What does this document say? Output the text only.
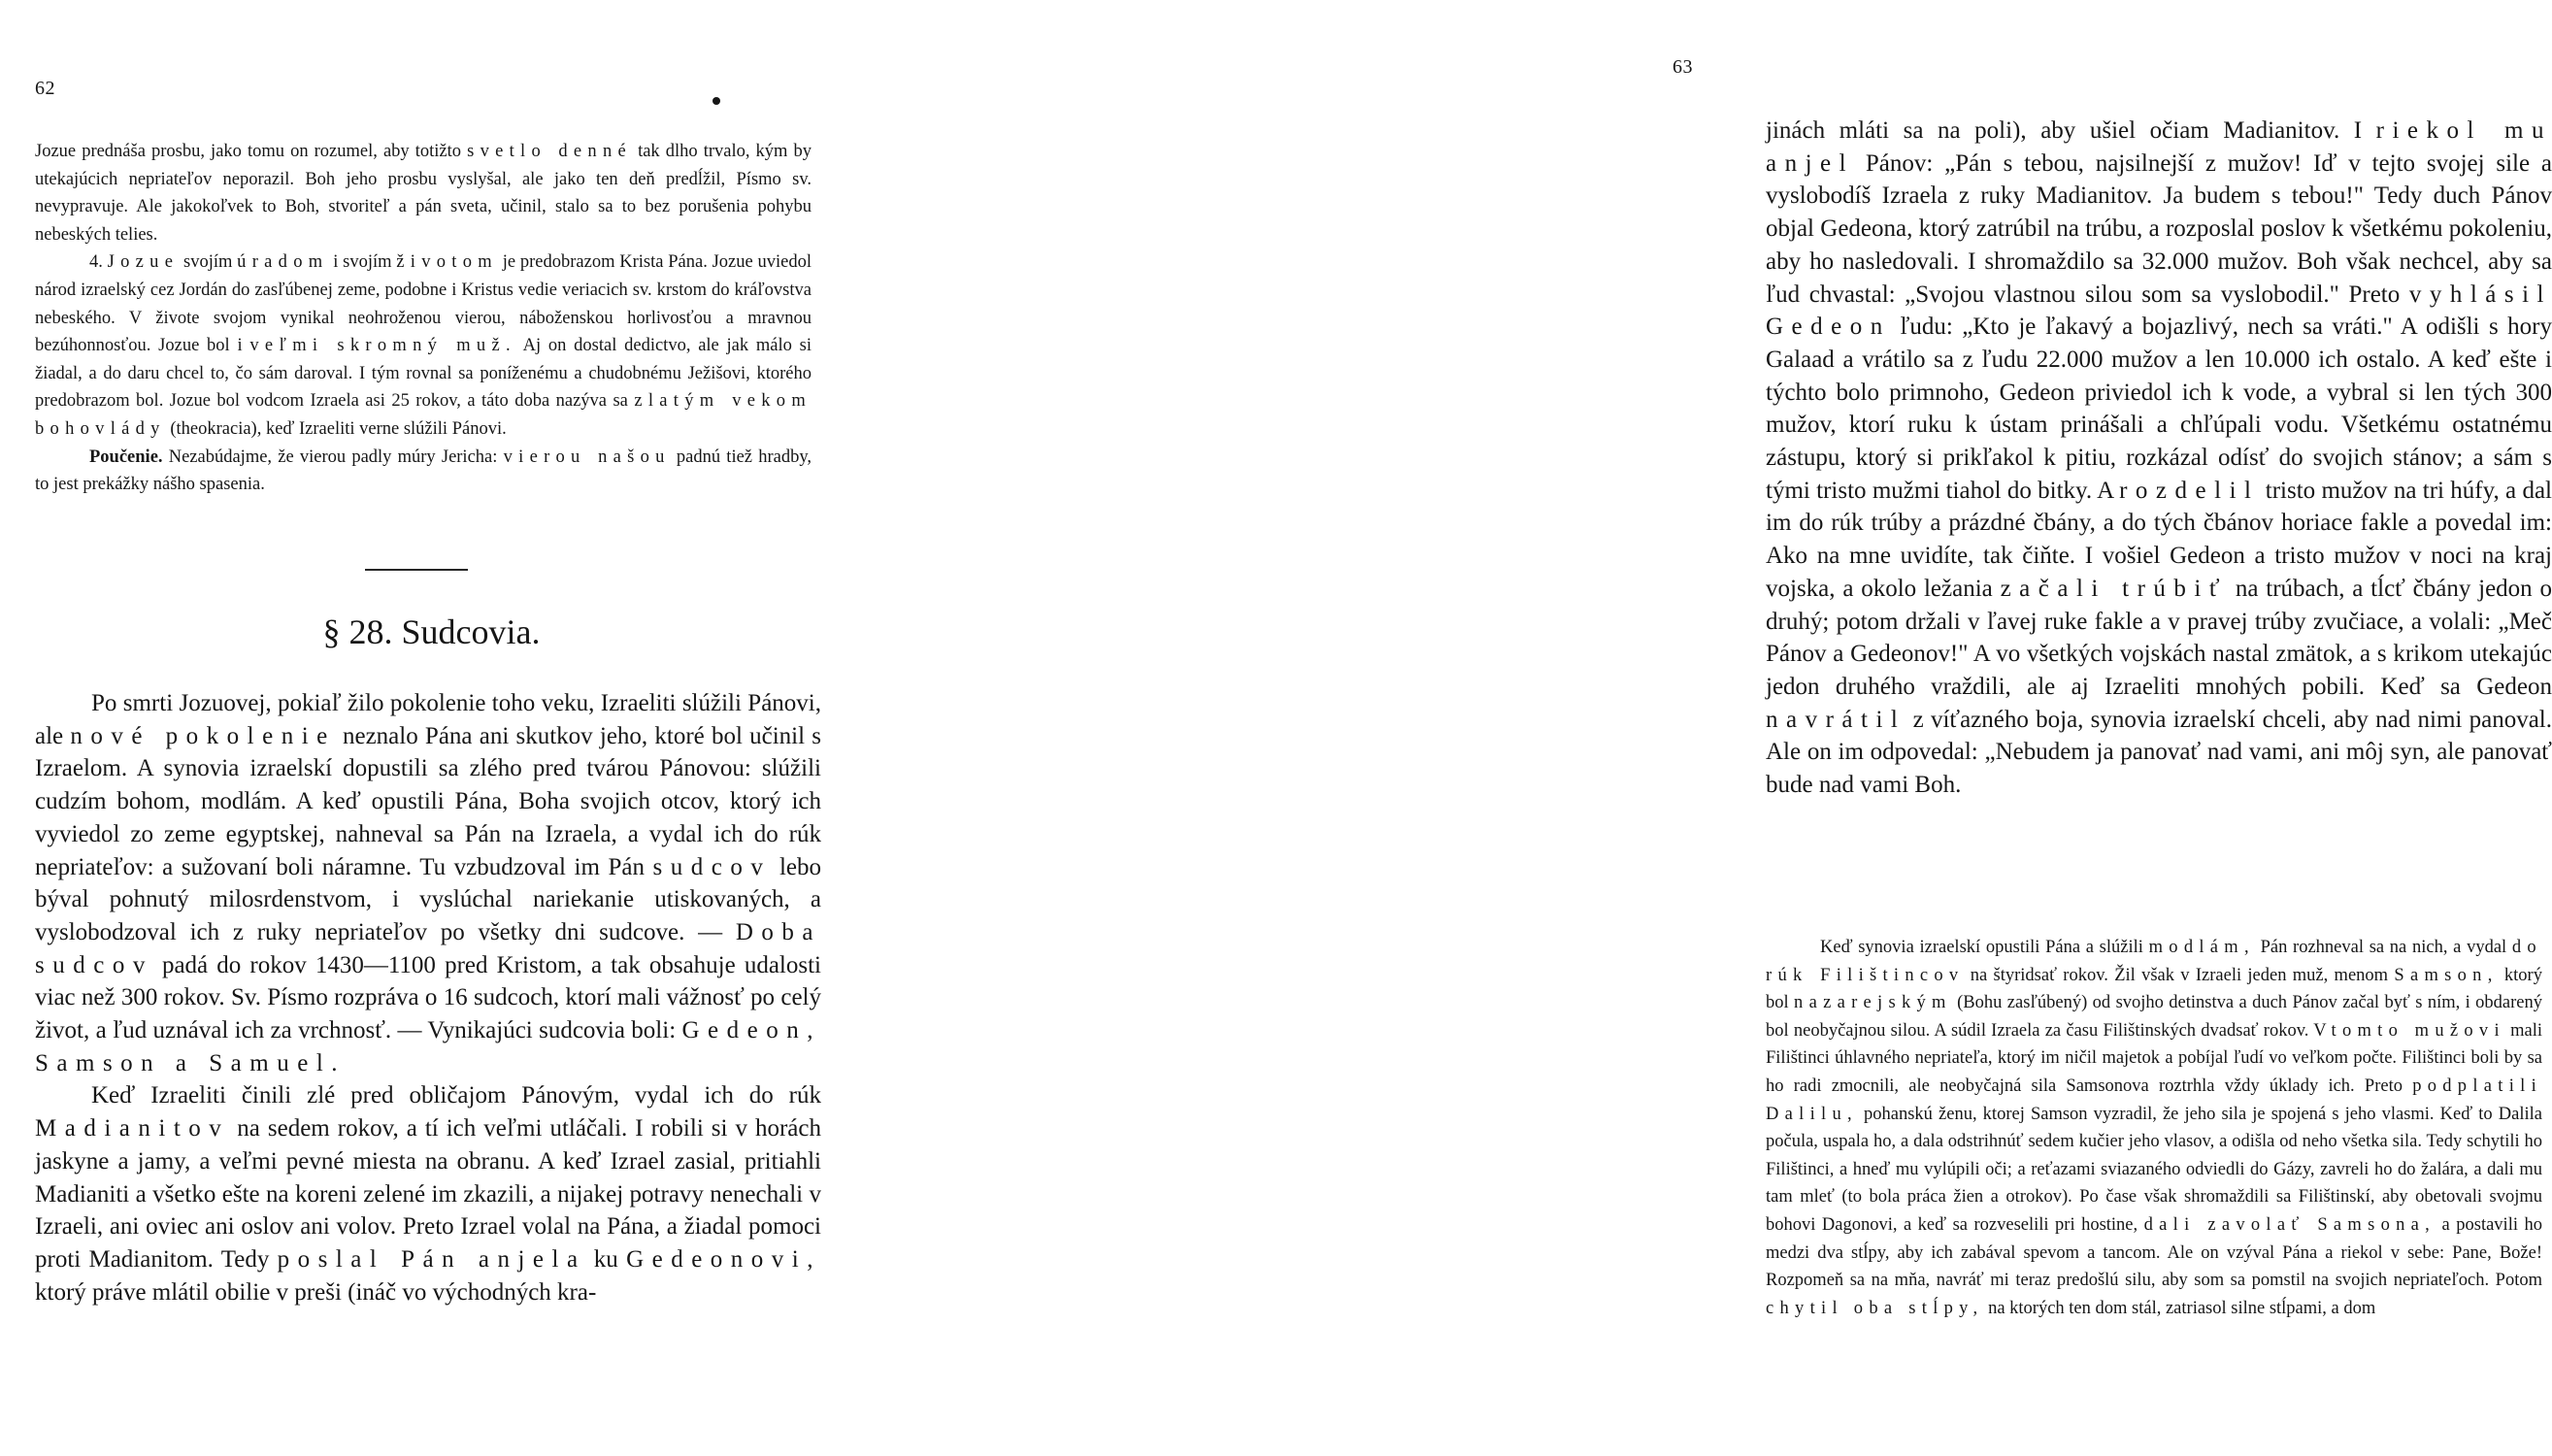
62

Jozue prednáša prosbu, jako tomu on rozumel, aby totižto svetlo denné tak dlho trvalo, kým by utekajúcich nepriateľov neporazil. Boh jeho prosbu vyslyšal, ale jako ten deň predĺžil, Písmo sv. nevypravuje. Ale jakokoľvek to Boh, stvoriteľ a pán sveta, učinil, stalo sa to bez porušenia pohybu nebeských telies.

4. Jozue svojím úradom i svojím životom je predobrazom Krista Pána. Jozue uviedol národ izraelský cez Jordán do zasľúbenej zeme, podobne i Kristus vedie veriacich sv. krstom do kráľovstva nebeského. V živote svojom vynikal neohroženou vierou, náboženskou horlivosťou a mravnou bezúhonnosťou. Jozue bol i veľmi skromný muž. Aj on dostal dedictvo, ale jak málo si žiadal, a do daru chcel to, čo sám daroval. I tým rovnal sa poníženému a chudobnému Ježišovi, ktorého predobrazom bol. Jozue bol vodcom Izraela asi 25 rokov, a táto doba nazýva sa zlatým vekom bohovlády (theokracia), keď Izraeliti verne slúžili Pánovi.

Poučenie. Nezabúdajme, že vierou padly múry Jericha: vierou našou padnú tiež hradby, to jest prekážky nášho spasenia.

§ 28. Sudcovia.

Po smrti Jozuovej, pokiaľ žilo pokolenie toho veku, Izraeliti slúžili Pánovi, ale nové pokolenie neznalo Pána ani skutkov jeho, ktoré bol učinil s Izraelom. A synovia izraelskí dopustili sa zlého pred tvárou Pánovou: slúžili cudzím bohom, modlám. A keď opustili Pána, Boha svojich otcov, ktorý ich vyviedol zo zeme egyptskej, nahneval sa Pán na Izraela, a vydal ich do rúk nepriateľov: a sužovaní boli náramne. Tu vzbudzoval im Pán sudcov lebo býval pohnutý milosrdenstvom, i vyslúchal nariekanie utiskovaných, a vyslobodzoval ich z ruky nepriateľov po všetky dni sudcove. — Doba sudcov padá do rokov 1430—1100 pred Kristom, a tak obsahuje udalosti viac než 300 rokov. Sv. Písmo rozpráva o 16 sudcoch, ktorí mali vážnosť po celý život, a ľud uznával ich za vrchnosť. — Vynikajúci sudcovia boli: Gedeon, Samson a Samuel.

Keď Izraeliti činili zlé pred obličajom Pánovým, vydal ich do rúk Madianitov na sedem rokov, a tí ich veľmi utláčali. I robili si v horách jaskyne a jamy, a veľmi pevné miesta na obranu. A keď Izrael zasial, pritiahli Madianiti a všetko ešte na koreni zelené im zkazili, a nijakej potravy nenechali v Izraeli, ani oviec ani oslov ani volov. Preto Izrael volal na Pána, a žiadal pomoci proti Madianitom. Tedy poslal Pán anjela ku Gedeonovi, ktorý práve mlátil obilie v preši (ináč vo východných kra-

63

jinách mláti sa na poli), aby ušiel očiam Madianitov. I riekol mu anjel Pánov: „Pán s tebou, najsilnejší z mužov! Iď v tejto svojej sile a vyslobodíš Izraela z ruky Madianitov. Ja budem s tebou!" Tedy duch Pánov objal Gedeona, ktorý zatrúbil na trúbu, a rozposlal poslov k všetkému pokoleniu, aby ho nasledovali. I shromaždilo sa 32.000 mužov. Boh však nechcel, aby sa ľud chvastal: „Svojou vlastnou silou som sa vyslobodil." Preto vyhlásil Gedeon ľudu: „Kto je ľakavý a bojazlivý, nech sa vráti." A odišli s hory Galaad a vrátilo sa z ľudu 22.000 mužov a len 10.000 ich ostalo. A keď ešte i týchto bolo primnoho, Gedeon priviedol ich k vode, a vybral si len tých 300 mužov, ktorí ruku k ústam prinášali a chľúpali vodu. Všetkému ostatnému zástupu, ktorý si prikľakol k pitiu, rozkázal odísť do svojich stánov; a sám s tými tristo mužmi tiahol do bitky. A rozdelil tristo mužov na tri húfy, a dal im do rúk trúby a prázdné čbány, a do tých čbánov horiace fakle a povedal im: Ako na mne uvidíte, tak čiňte. I vošiel Gedeon a tristo mužov v noci na kraj vojska, a okolo ležania začali trúbiť na trúbach, a tĺcť čbány jedon o druhý; potom držali v ľavej ruke fakle a v pravej trúby zvučiace, a volali: „Meč Pánov a Gedeonov!" A vo všetkých vojskách nastal zmätok, a s krikom utekajúc jedon druhého vraždili, ale aj Izraeliti mnohých pobili. Keď sa Gedeon navrátil z víťazného boja, synovia izraelskí chceli, aby nad nimi panoval. Ale on im odpovedal: „Nebudem ja panovať nad vami, ani môj syn, ale panovať bude nad vami Boh.

Keď synovia izraelskí opustili Pána a slúžili modlám, Pán rozhneval sa na nich, a vydal do rúk Filištincov na štyridsať rokov. Žil však v Izraeli jeden muž, menom Samson, ktorý bol nazarejským (Bohu zasľúbený) od svojho detinstva a duch Pánov začal byť s ním, i obdarený bol neobyčajnou silou. A súdil Izraela za času Filištinských dvadsať rokov. V tomto mužovi mali Filištinci úhlavného nepriateľa, ktorý im ničil majetok a pobíjal ľudí vo veľkom počte. Filištinci boli by sa ho radi zmocnili, ale neobyčajná sila Samsonova roztrhla vždy úklady ich. Preto podplatili Dalilu, pohanskú ženu, ktorej Samson vyzradil, že jeho sila je spojená s jeho vlasmi. Keď to Dalila počula, uspala ho, a dala odstrihnúť sedem kučier jeho vlasov, a odišla od neho všetka sila. Tedy schytili ho Filištinci, a hneď mu vylúpili oči; a reťazami sviazaného odviedli do Gázy, zavreli ho do žalára, a dali mu tam mleť (to bola práca žien a otrokov). Po čase však shromaždili sa Filištinskí, aby obetovali svojmu bohovi Dagonovi, a keď sa rozveselili pri hostine, dali zavolať Samsona, a postavili ho medzi dva stĺpy, aby ich zabával spevom a tancom. Ale on vzýval Pána a riekol v sebe: Pane, Bože! Rozpomeň sa na mňa, navráť mi teraz predošlú silu, aby som sa pomstil na svojich nepriateľoch. Potom chytil oba stĺpy, na ktorých ten dom stál, zatriasol silne stĺpami, a dom
